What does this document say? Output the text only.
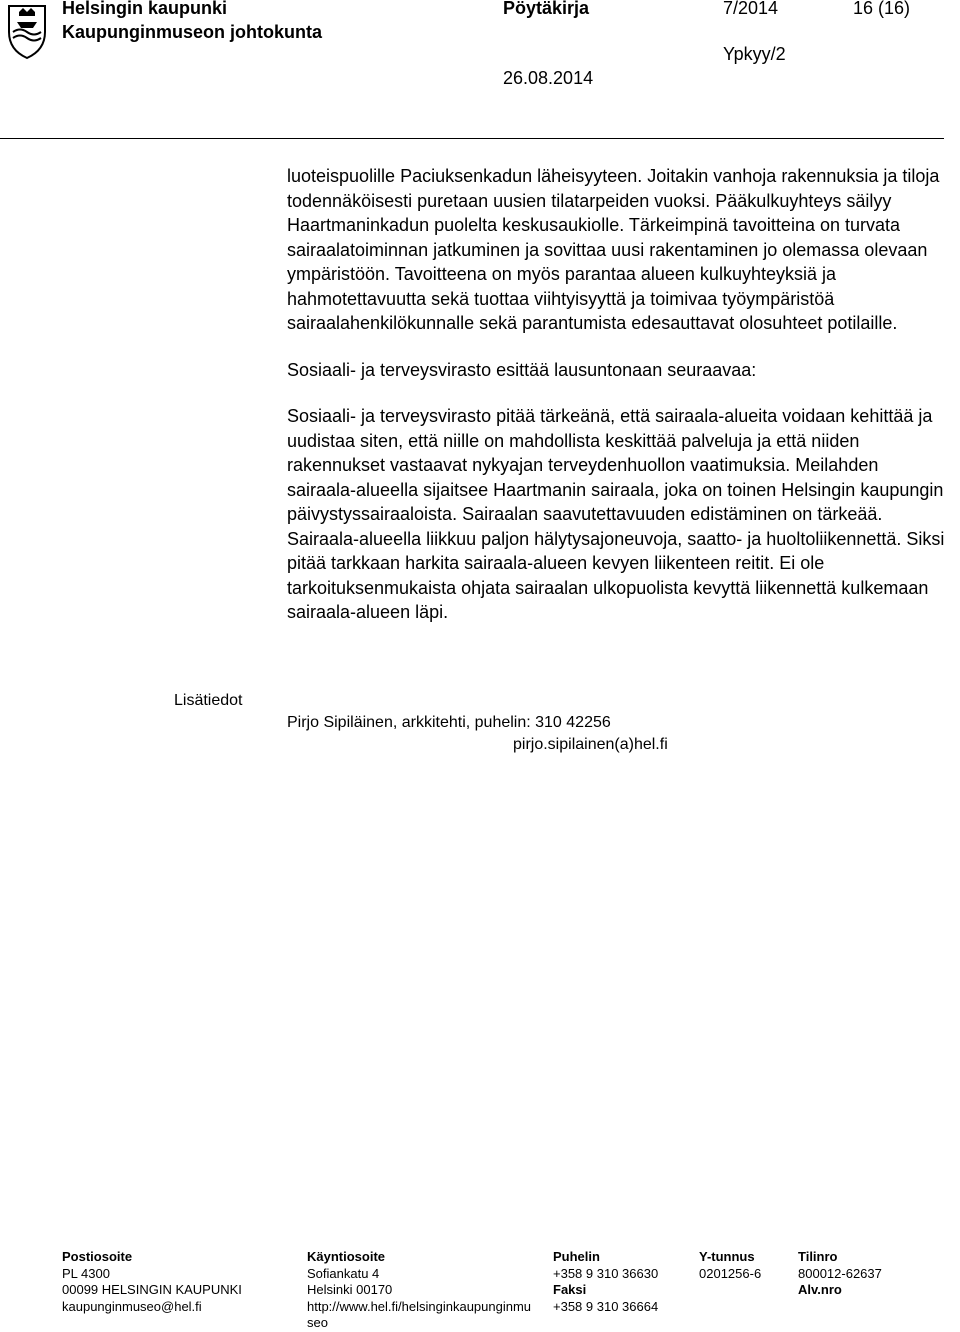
Helsingin kaupunki
Kaupunginmuseon johtokunta
Pöytäkirja	7/2014	16 (16)
Ypkyy/2
26.08.2014

luoteispuolille Paciuksenkadun läheisyyteen. Joitakin vanhoja rakennuksia ja tiloja todennäköisesti puretaan uusien tilatarpeiden vuoksi. Pääkulkuyhteys säilyy Haartmaninkadun puolelta keskusaukiolle. Tärkeimpinä tavoitteina on turvata sairaalatoiminnan jatkuminen ja sovittaa uusi rakentaminen jo olemassa olevaan ympäristöön. Tavoitteena on myös parantaa alueen kulkuyhteyksiä ja hahmotettavuutta sekä tuottaa viihtyisyyttä ja toimivaa työympäristöä sairaalahenkilökunnalle sekä parantumista edesauttavat olosuhteet potilaille.

Sosiaali- ja terveysvirasto esittää lausuntonaan seuraavaa:

Sosiaali- ja terveysvirasto pitää tärkeänä, että sairaala-alueita voidaan kehittää ja uudistaa siten, että niille on mahdollista keskittää palveluja ja että niiden rakennukset vastaavat nykyajan terveydenhuollon vaatimuksia. Meilahden sairaala-alueella sijaitsee Haartmanin sairaala, joka on toinen Helsingin kaupungin päivystyssairaaloista. Sairaalan saavutettavuuden edistäminen on tärkeää. Sairaala-alueella liikkuu paljon hälytysajoneuvoja, saatto- ja huoltoliikennettä. Siksi pitää tarkkaan harkita sairaala-alueen kevyen liikenteen reitit. Ei ole tarkoituksenmukaista ohjata sairaalan ulkopuolista kevyttä liikennettä kulkemaan sairaala-alueen läpi.

Lisätiedot
Pirjo Sipiläinen, arkkitehti, puhelin: 310 42256
pirjo.sipilainen(a)hel.fi
Postiosoite
PL 4300
00099 HELSINGIN KAUPUNKI
kaupunginmuseo@hel.fi
Käyntiosoite
Sofiankatu 4
Helsinki 00170
http://www.hel.fi/helsinginkaupunginmu
seo
Puhelin
+358 9 310 36630
Faksi
+358 9 310 36664
Y-tunnus
0201256-6
Tilinro
800012-62637
Alv.nro
